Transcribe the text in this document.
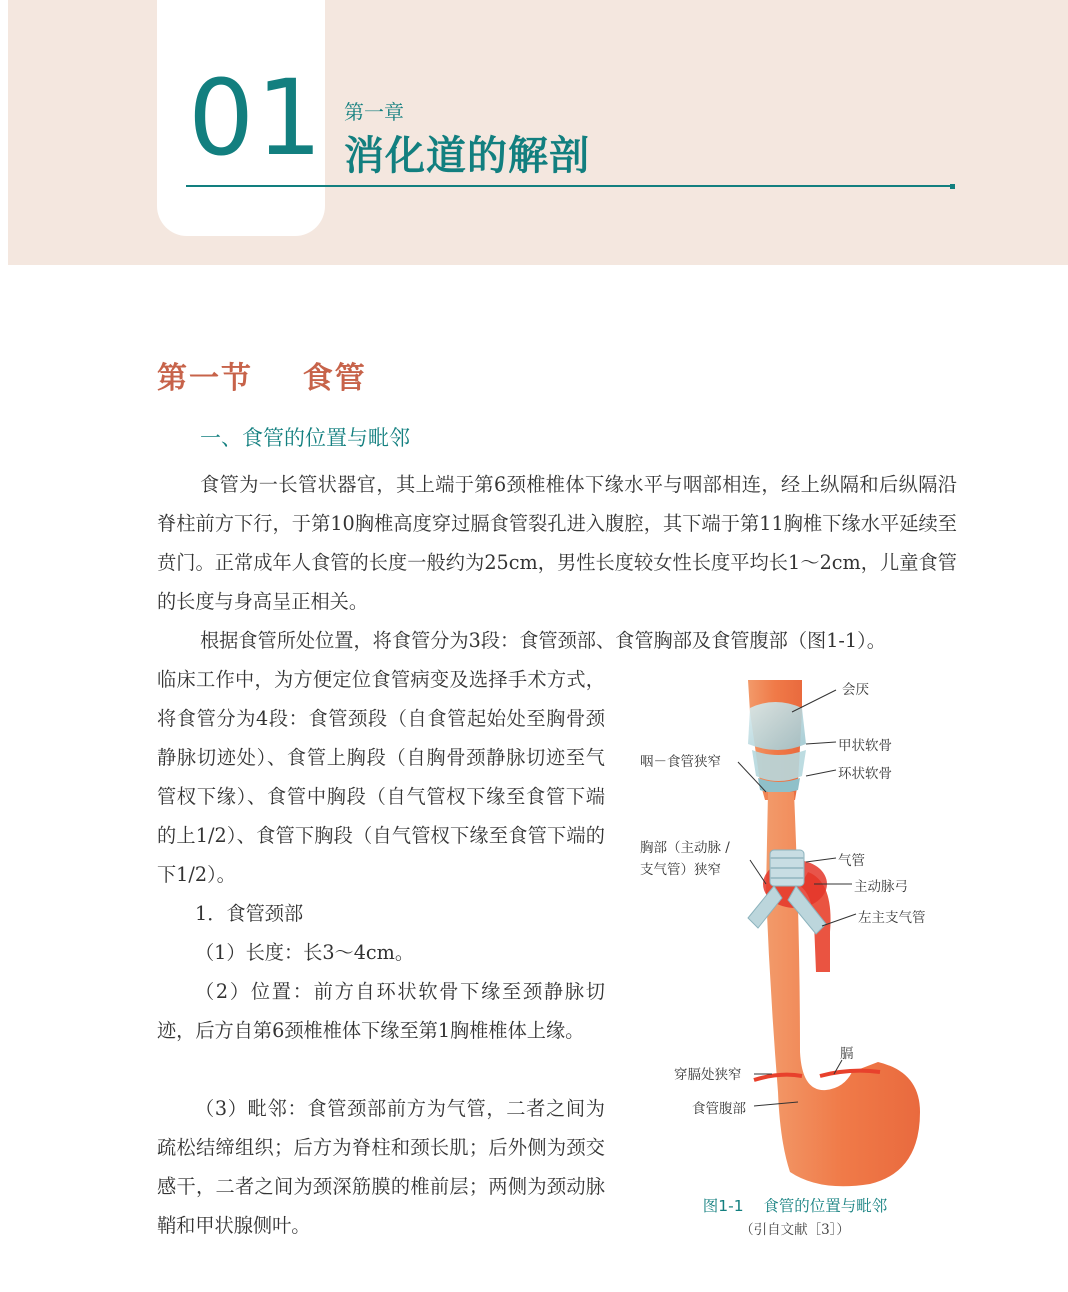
01 第一章
消化道的解剖
第一节    食管
一、食管的位置与毗邻

食管为一长管状器官，其上端于第6颈椎椎体下缘水平与咽部相连，经上纵隔和后纵隔沿脊柱前方下行，于第10胸椎高度穿过膈食管裂孔进入腹腔，其下端于第11胸椎下缘水平延续至贲门。正常成年人食管的长度一般约为25cm，男性长度较女性长度平均长1～2cm，儿童食管的长度与身高呈正相关。

根据食管所处位置，将食管分为3段：食管颈部、食管胸部及食管腹部（图1-1）。

临床工作中，为方便定位食管病变及选择手术方式，将食管分为4段：食管颈段（自食管起始处至胸骨颈静脉切迹处）、食管上胸段（自胸骨颈静脉切迹至气管杈下缘）、食管中胸段（自气管杈下缘至食管下端的上1/2）、食管下胸段（自气管杈下缘至食管下端的下1/2）。

1．食管颈部

（1）长度：长3～4cm。

（2）位置：前方自环状软骨下缘至颈静脉切迹，后方自第6颈椎椎体下缘至第1胸椎椎体上缘。

（3）毗邻：食管颈部前方为气管，二者之间为疏松结缔组织；后方为脊柱和颈长肌；后外侧为颈交感干，二者之间为颈深筋膜的椎前层；两侧为颈动脉鞘和甲状腺侧叶。

会厌
甲状软骨
咽－食管狭窄
环状软骨
胸部（主动脉 /
支气管）狭窄
气管
主动脉弓
左主支气管
膈
穿膈处狭窄
食管腹部
图1-1    食管的位置与毗邻
（引自文献［3］）
